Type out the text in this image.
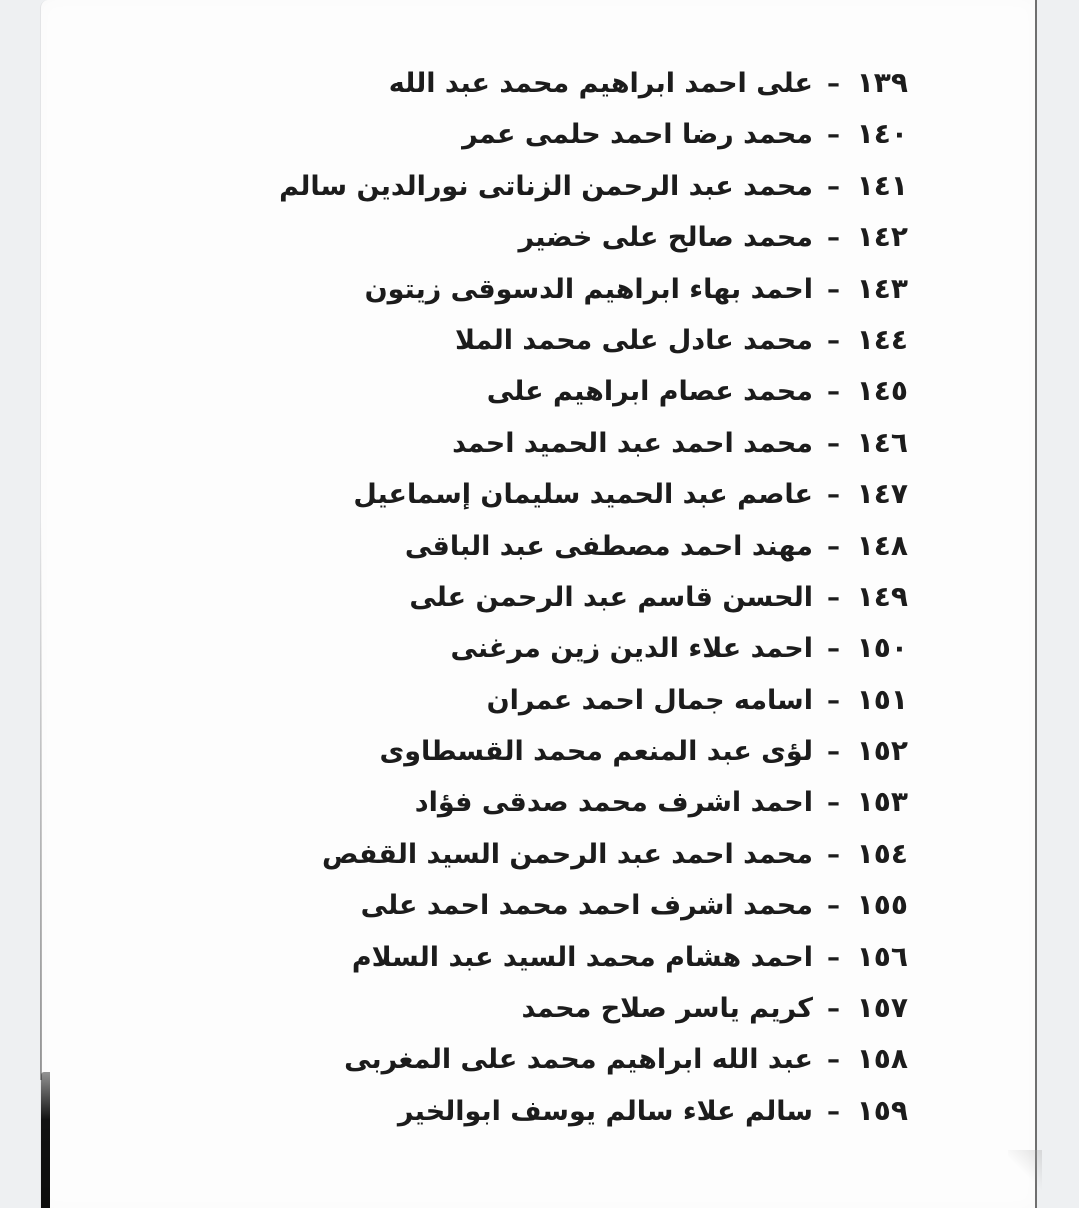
١٣٩
–
على احمد ابراهيم محمد عبد الله
١٤٠
–
محمد رضا احمد حلمى عمر
١٤١
–
محمد عبد الرحمن الزناتى نورالدين سالم
١٤٢
–
محمد صالح على خضير
١٤٣
–
احمد بهاء ابراهيم الدسوقى زيتون
١٤٤
–
محمد عادل على محمد الملا
١٤٥
–
محمد عصام ابراهيم على
١٤٦
–
محمد احمد عبد الحميد احمد
١٤٧
–
عاصم عبد الحميد سليمان إسماعيل
١٤٨
–
مهند احمد مصطفى عبد الباقى
١٤٩
–
الحسن قاسم عبد الرحمن على
١٥٠
–
احمد علاء الدين زين مرغنى
١٥١
–
اسامه جمال احمد عمران
١٥٢
–
لؤى عبد المنعم محمد القسطاوى
١٥٣
–
احمد اشرف محمد صدقى فؤاد
١٥٤
–
محمد احمد عبد الرحمن السيد القفص
١٥٥
–
محمد اشرف احمد محمد احمد على
١٥٦
–
احمد هشام محمد السيد عبد السلام
١٥٧
–
كريم ياسر صلاح محمد
١٥٨
–
عبد الله ابراهيم محمد على المغربى
١٥٩
–
سالم علاء سالم يوسف ابوالخير
